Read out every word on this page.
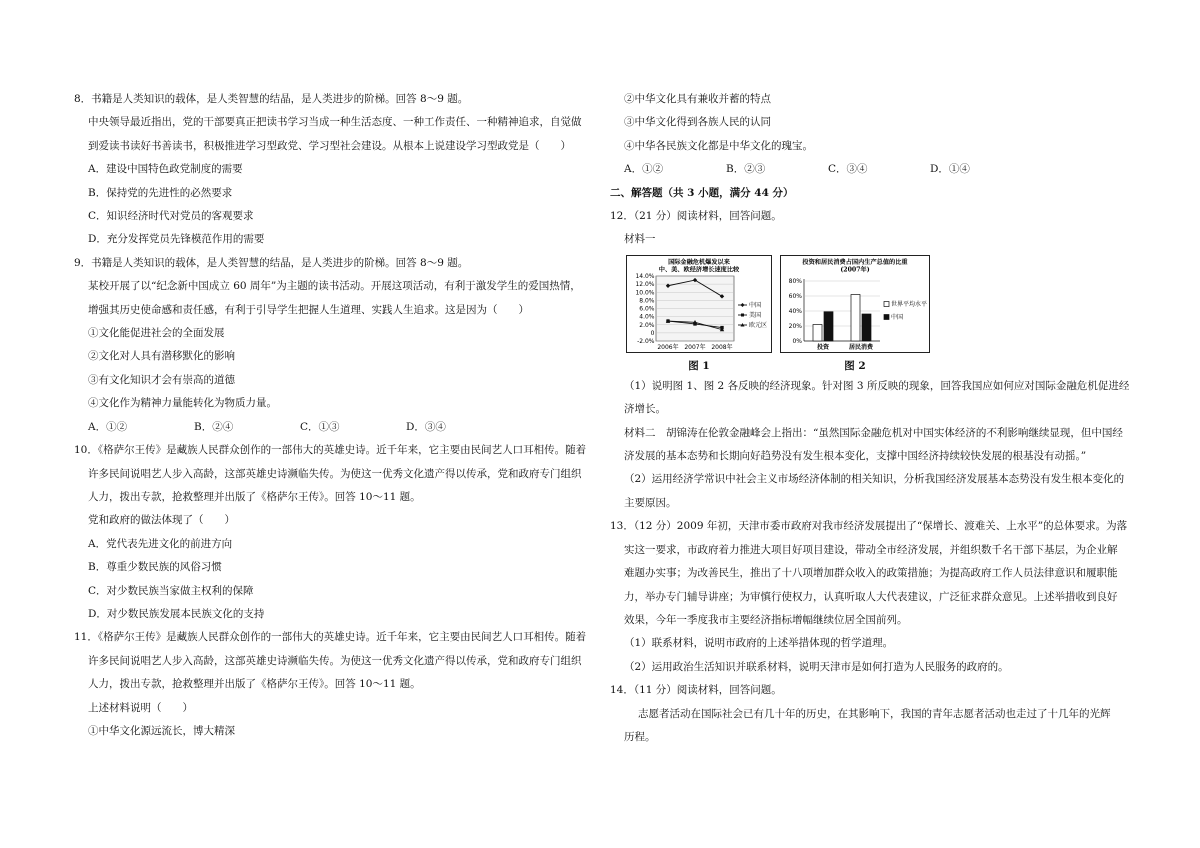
8．书籍是人类知识的载体，是人类智慧的结晶，是人类进步的阶梯。回答 8～9 题。

中央领导最近指出，党的干部要真正把读书学习当成一种生活态度、一种工作责任、一种精神追求，自觉做

到爱读书读好书善读书，积极推进学习型政党、学习型社会建设。从根本上说建设学习型政党是（　　）

A．建设中国特色政党制度的需要

B．保持党的先进性的必然要求

C．知识经济时代对党员的客观要求

D．充分发挥党员先锋模范作用的需要

9．书籍是人类知识的载体，是人类智慧的结晶，是人类进步的阶梯。回答 8～9 题。

某校开展了以“纪念新中国成立 60 周年”为主题的读书活动。开展这项活动，有利于激发学生的爱国热情，

增强其历史使命感和责任感，有利于引导学生把握人生道理、实践人生追求。这是因为（　　）

①文化能促进社会的全面发展

②文化对人具有潜移默化的影响

③有文化知识才会有崇高的道德

④文化作为精神力量能转化为物质力量。

A．①②	B．②④	C．①③	D．③④

10．《格萨尔王传》是藏族人民群众创作的一部伟大的英雄史诗。近千年来，它主要由民间艺人口耳相传。随着

许多民间说唱艺人步入高龄，这部英雄史诗濒临失传。为使这一优秀文化遗产得以传承，党和政府专门组织

人力，拨出专款，抢救整理并出版了《格萨尔王传》。回答 10～11 题。

党和政府的做法体现了（　　）

A．党代表先进文化的前进方向

B．尊重少数民族的风俗习惯

C．对少数民族当家做主权利的保障

D．对少数民族发展本民族文化的支持

11．《格萨尔王传》是藏族人民群众创作的一部伟大的英雄史诗。近千年来，它主要由民间艺人口耳相传。随着

许多民间说唱艺人步入高龄，这部英雄史诗濒临失传。为使这一优秀文化遗产得以传承，党和政府专门组织

人力，拨出专款，抢救整理并出版了《格萨尔王传》。回答 10～11 题。

上述材料说明（　　）

①中华文化源远流长，博大精深

②中华文化具有兼收并蓄的特点

③中华文化得到各族人民的认同

④中华各民族文化都是中华文化的瑰宝。

A．①②	B．②③	C．③④	D．①④

二、解答题（共 3 小题，满分 44 分）

12．（21 分）阅读材料，回答问题。

材料一

国际金融危机爆发以来
中、美、欧经济增长速度比较
14.0%
12.0%
10.0%
8.0%
6.0%
4.0%
2.0%
0
-2.0%
2006年 2007年 2008年
中国
美国
欧元区
图 1
投资和居民消费占国内生产总值的比重
(2007年)
80%
60%
40%
20%
0%
投资	居民消费
世界平均水平
中国
图 2

（1）说明图 1、图 2 各反映的经济现象。针对图 3 所反映的现象，回答我国应如何应对国际金融危机促进经

济增长。

材料二　胡锦涛在伦敦金融峰会上指出：“虽然国际金融危机对中国实体经济的不利影响继续显现，但中国经

济发展的基本态势和长期向好趋势没有发生根本变化，支撑中国经济持续较快发展的根基没有动摇。”

（2）运用经济学常识中社会主义市场经济体制的相关知识，分析我国经济发展基本态势没有发生根本变化的

主要原因。

13．（12 分）2009 年初，天津市委市政府对我市经济发展提出了“保增长、渡难关、上水平”的总体要求。为落

实这一要求，市政府着力推进大项目好项目建设，带动全市经济发展，并组织数千名干部下基层，为企业解

难题办实事；为改善民生，推出了十八项增加群众收入的政策措施；为提高政府工作人员法律意识和履职能

力，举办专门辅导讲座；为审慎行使权力，认真听取人大代表建议，广泛征求群众意见。上述举措收到良好

效果，今年一季度我市主要经济指标增幅继续位居全国前列。

（1）联系材料，说明市政府的上述举措体现的哲学道理。

（2）运用政治生活知识并联系材料，说明天津市是如何打造为人民服务的政府的。

14．（11 分）阅读材料，回答问题。

志愿者活动在国际社会已有几十年的历史，在其影响下，我国的青年志愿者活动也走过了十几年的光辉

历程。
